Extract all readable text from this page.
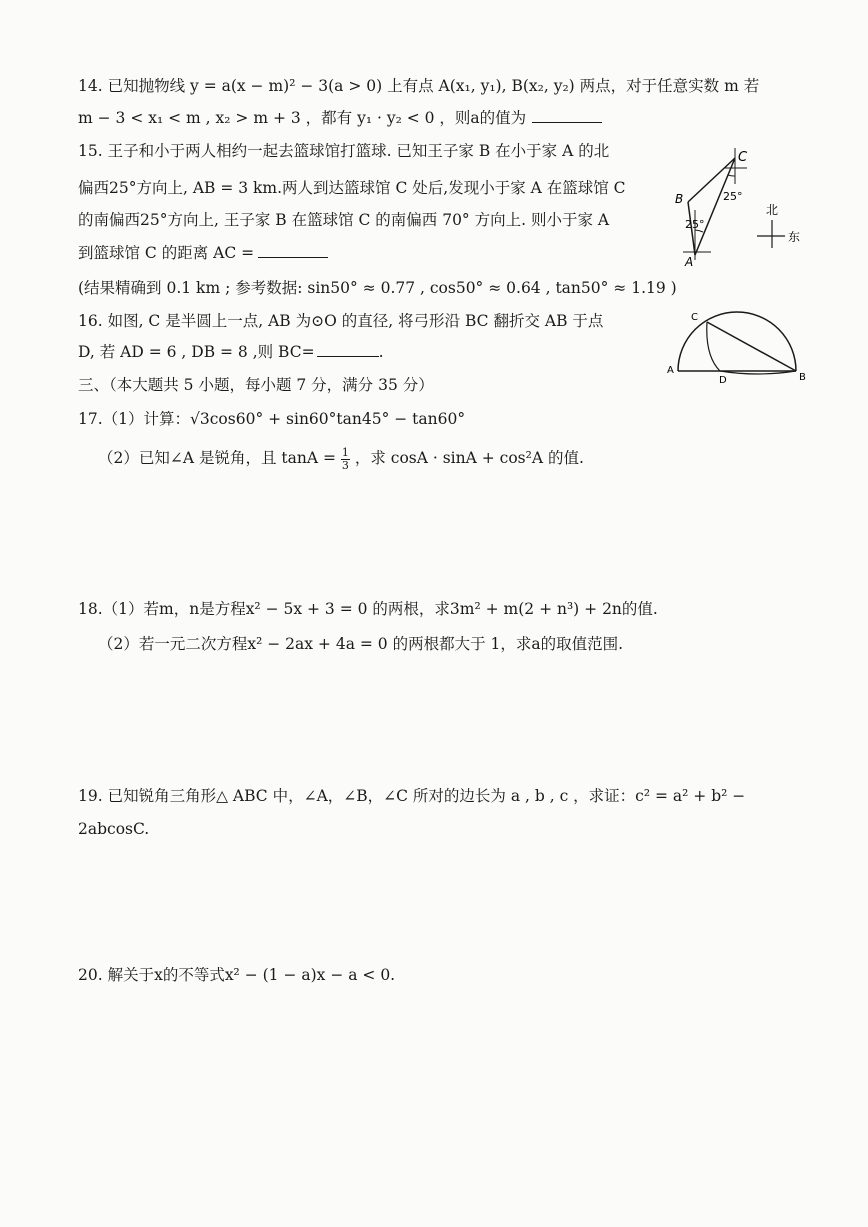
14. 已知抛物线 y = a(x − m)² − 3(a > 0) 上有点 A(x₁, y₁), B(x₂, y₂) 两点，对于任意实数 m 若
m − 3 < x₁ < m , x₂ > m + 3 ，都有 y₁ · y₂ < 0 ，则a的值为
15. 王子和小于两人相约一起去篮球馆打篮球. 已知王子家 B 在小于家 A 的北
偏西25°方向上, AB = 3 km.两人到达篮球馆 C 处后,发现小于家 A 在篮球馆 C
的南偏西25°方向上, 王子家 B 在篮球馆 C 的南偏西 70° 方向上. 则小于家 A
到篮球馆 C 的距离 AC =
(结果精确到 0.1 km ; 参考数据: sin50° ≈ 0.77 , cos50° ≈ 0.64 , tan50° ≈ 1.19 )
C
B
A
25°
25°
北
东
16. 如图, C 是半圆上一点, AB 为⊙O 的直径, 将弓形沿 BC 翻折交 AB 于点
D, 若 AD = 6 , DB = 8 ,则 BC=	.
C
A
D	B
三、（本大题共 5 小题，每小题 7 分，满分 35 分）
17.（1）计算：√3cos60° + sin60°tan45° − tan60°
（2）已知∠A 是锐角，且 $\tan A = \frac{1}{3}$ ，求 cosA · sinA + cos²A 的值.
18.（1）若m，n是方程x² − 5x + 3 = 0 的两根，求3m² + m(2 + n³) + 2n的值.
（2）若一元二次方程x² − 2ax + 4a = 0 的两根都大于 1，求a的取值范围.
19. 已知锐角三角形△ ABC 中，∠A，∠B，∠C 所对的边长为 a , b , c ，求证：c² = a² + b² −
2abcosC.
20. 解关于x的不等式x² − (1 − a)x − a < 0.
